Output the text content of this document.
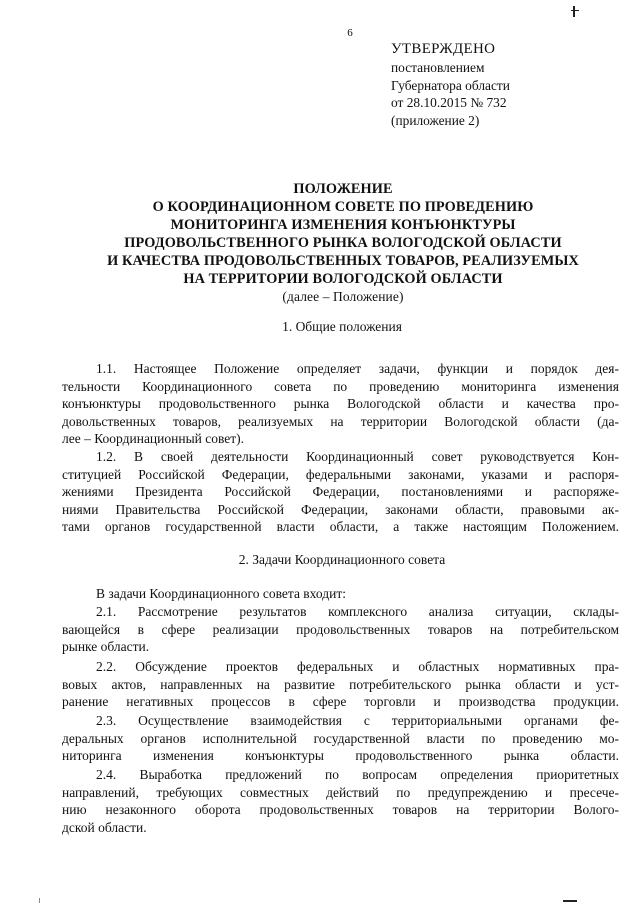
6
УТВЕРЖДЕНО
постановлением
Губернатора области
от 28.10.2015 № 732
(приложение 2)
ПОЛОЖЕНИЕ
О КООРДИНАЦИОННОМ СОВЕТЕ ПО ПРОВЕДЕНИЮ
МОНИТОРИНГА ИЗМЕНЕНИЯ КОНЪЮНКТУРЫ
ПРОДОВОЛЬСТВЕННОГО РЫНКА ВОЛОГОДСКОЙ ОБЛАСТИ
И КАЧЕСТВА ПРОДОВОЛЬСТВЕННЫХ ТОВАРОВ, РЕАЛИЗУЕМЫХ
НА ТЕРРИТОРИИ ВОЛОГОДСКОЙ ОБЛАСТИ
(далее – Положение)
1. Общие положения
1.1. Настоящее Положение определяет задачи, функции и порядок дея-
тельности Координационного совета по проведению мониторинга изменения
конъюнктуры продовольственного рынка Вологодской области и качества про-
довольственных товаров, реализуемых на территории Вологодской области (да-
лее – Координационный совет).
1.2. В своей деятельности Координационный совет руководствуется Кон-
ституцией Российской Федерации, федеральными законами, указами и распоря-
жениями Президента Российской Федерации, постановлениями и распоряже-
ниями Правительства Российской Федерации, законами области, правовыми ак-
тами органов государственной власти области, а также настоящим Положением.
2. Задачи Координационного совета
В задачи Координационного совета входит:
2.1. Рассмотрение результатов комплексного анализа ситуации, склады-
вающейся в сфере реализации продовольственных товаров на потребительском
рынке области.
2.2. Обсуждение проектов федеральных и областных нормативных пра-
вовых актов, направленных на развитие потребительского рынка области и уст-
ранение негативных процессов в сфере торговли и производства продукции.
2.3. Осуществление взаимодействия с территориальными органами фе-
деральных органов исполнительной государственной власти по проведению мо-
ниторинга изменения конъюнктуры продовольственного рынка области.
2.4. Выработка предложений по вопросам определения приоритетных
направлений, требующих совместных действий по предупреждению и пресече-
нию незаконного оборота продовольственных товаров на территории Волого-
дской области.
